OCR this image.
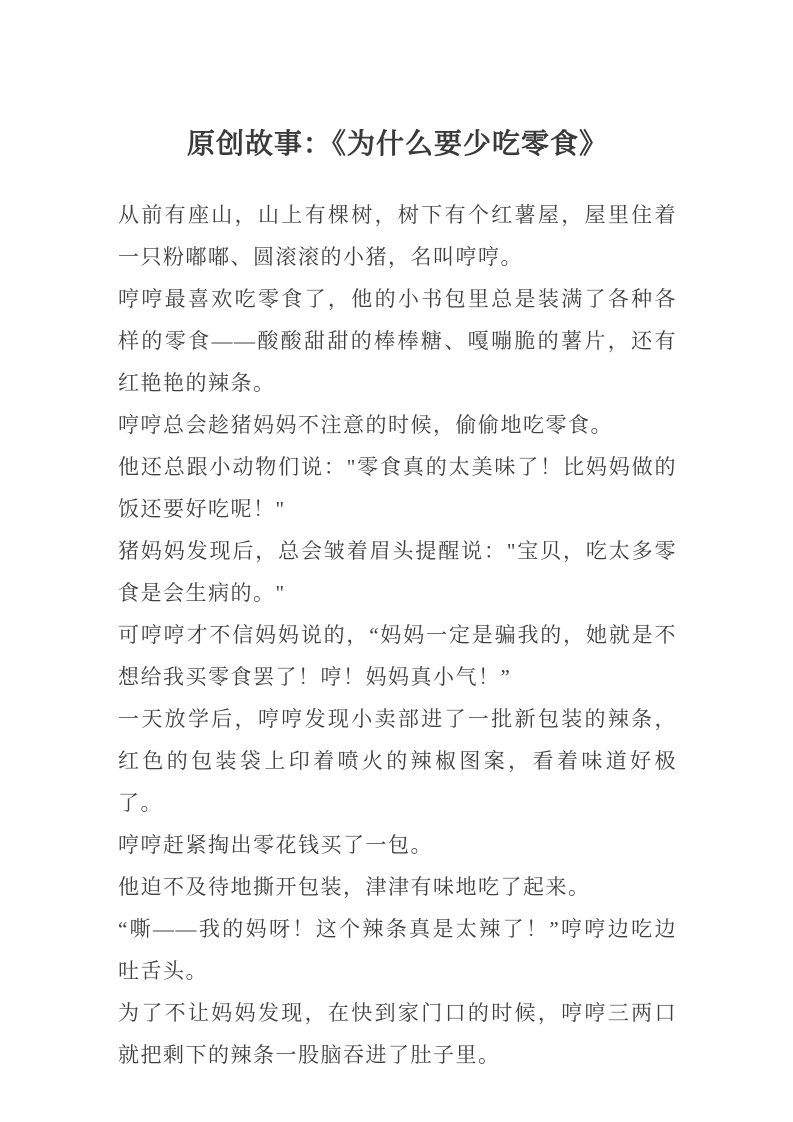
原创故事：《为什么要少吃零食》

从前有座山，山上有棵树，树下有个红薯屋，屋里住着一只粉嘟嘟、圆滚滚的小猪，名叫哼哼。

哼哼最喜欢吃零食了，他的小书包里总是装满了各种各样的零食——酸酸甜甜的棒棒糖、嘎嘣脆的薯片，还有红艳艳的辣条。

哼哼总会趁猪妈妈不注意的时候，偷偷地吃零食。

他还总跟小动物们说："零食真的太美味了！比妈妈做的饭还要好吃呢！"

猪妈妈发现后，总会皱着眉头提醒说："宝贝，吃太多零食是会生病的。"

可哼哼才不信妈妈说的，“妈妈一定是骗我的，她就是不想给我买零食罢了！哼！妈妈真小气！”

一天放学后，哼哼发现小卖部进了一批新包装的辣条，红色的包装袋上印着喷火的辣椒图案，看着味道好极了。

哼哼赶紧掏出零花钱买了一包。

他迫不及待地撕开包装，津津有味地吃了起来。

“嘶——我的妈呀！这个辣条真是太辣了！”哼哼边吃边吐舌头。

为了不让妈妈发现，在快到家门口的时候，哼哼三两口就把剩下的辣条一股脑吞进了肚子里。
